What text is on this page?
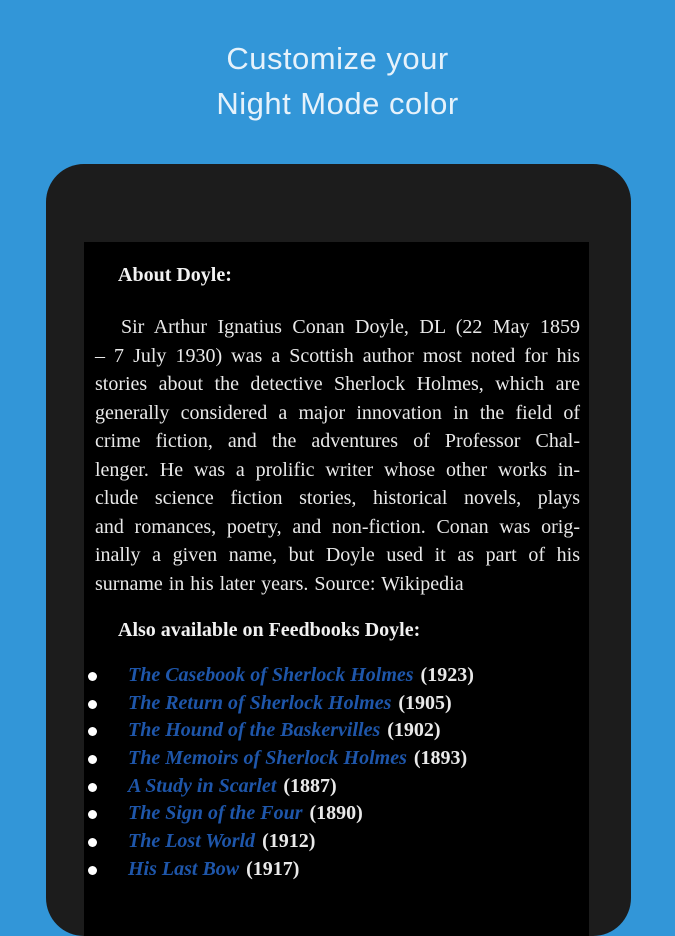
Customize your
Night Mode color
About Doyle:
Sir Arthur Ignatius Conan Doyle, DL (22 May 1859
– 7 July 1930) was a Scottish author most noted for his
stories about the detective Sherlock Holmes, which are
generally considered a major innovation in the field of
crime fiction, and the adventures of Professor Chal-
lenger. He was a prolific writer whose other works in-
clude science fiction stories, historical novels, plays
and romances, poetry, and non-fiction. Conan was orig-
inally a given name, but Doyle used it as part of his
surname in his later years. Source: Wikipedia
Also available on Feedbooks Doyle:
The Casebook of Sherlock Holmes (1923)
The Return of Sherlock Holmes (1905)
The Hound of the Baskervilles (1902)
The Memoirs of Sherlock Holmes (1893)
A Study in Scarlet (1887)
The Sign of the Four (1890)
The Lost World (1912)
His Last Bow (1917)
